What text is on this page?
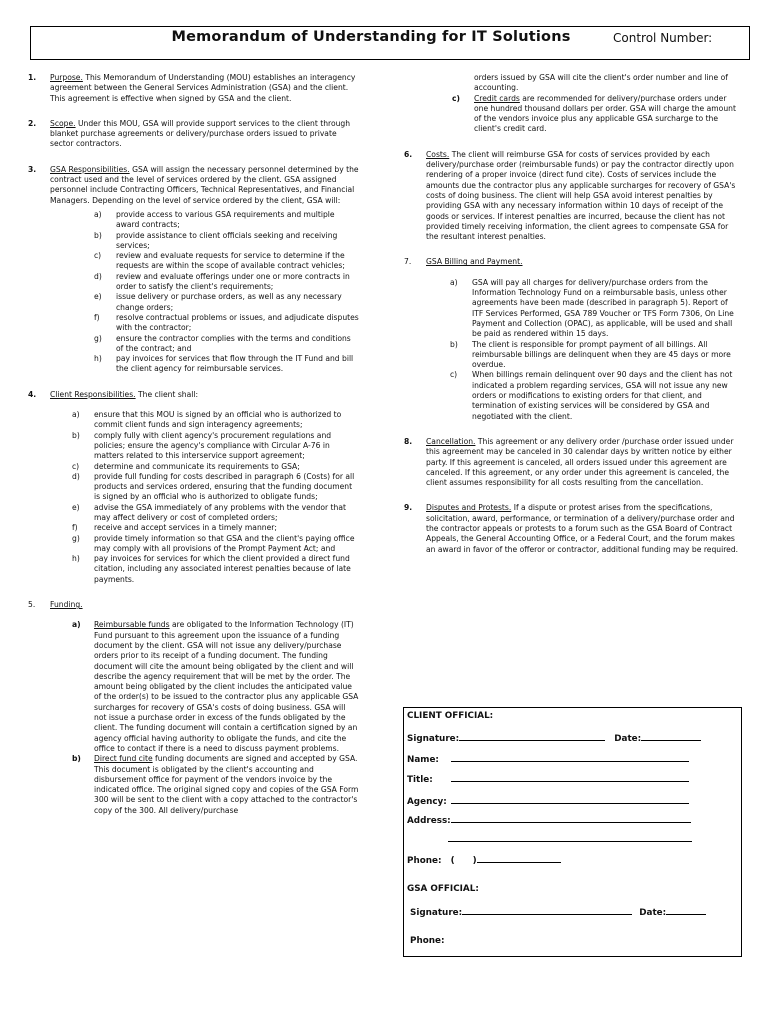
Memorandum of Understanding for IT Solutions	Control Number:
1. Purpose. This Memorandum of Understanding (MOU) establishes an interagency agreement between the General Services Administration (GSA) and the client. This agreement is effective when signed by GSA and the client.
2. Scope. Under this MOU, GSA will provide support services to the client through blanket purchase agreements or delivery/purchase orders issued to private sector contractors.
3. GSA Responsibilities. GSA will assign the necessary personnel determined by the contract used and the level of services ordered by the client. GSA assigned personnel include Contracting Officers, Technical Representatives, and Financial Managers. Depending on the level of service ordered by the client, GSA will:
a) provide access to various GSA requirements and multiple award contracts;
b) provide assistance to client officials seeking and receiving services;
c) review and evaluate requests for service to determine if the requests are within the scope of available contract vehicles;
d) review and evaluate offerings under one or more contracts in order to satisfy the client's requirements;
e) issue delivery or purchase orders, as well as any necessary change orders;
f) resolve contractual problems or issues, and adjudicate disputes with the contractor;
g) ensure the contractor complies with the terms and conditions of the contract; and
h) pay invoices for services that flow through the IT Fund and bill the client agency for reimbursable services.
4. Client Responsibilities. The client shall:
a) ensure that this MOU is signed by an official who is authorized to commit client funds and sign interagency agreements;
b) comply fully with client agency's procurement regulations and policies; ensure the agency's compliance with Circular A-76 in matters related to this interservice support agreement;
c) determine and communicate its requirements to GSA;
d) provide full funding for costs described in paragraph 6 (Costs) for all products and services ordered, ensuring that the funding document is signed by an official who is authorized to obligate funds;
e) advise the GSA immediately of any problems with the vendor that may affect delivery or cost of completed orders;
f) receive and accept services in a timely manner;
g) provide timely information so that GSA and the client's paying office may comply with all provisions of the Prompt Payment Act; and
h) pay invoices for services for which the client provided a direct fund citation, including any associated interest penalties because of late payments.
5. Funding.
a) Reimbursable funds are obligated to the Information Technology (IT) Fund pursuant to this agreement upon the issuance of a funding document by the client. GSA will not issue any delivery/purchase orders prior to its receipt of a funding document. The funding document will cite the amount being obligated by the client and will describe the agency requirement that will be met by the order. The amount being obligated by the client includes the anticipated value of the order(s) to be issued to the contractor plus any applicable GSA surcharges for recovery of GSA's costs of doing business. GSA will not issue a purchase order in excess of the funds obligated by the client. The funding document will contain a certification signed by an agency official having authority to obligate the funds, and cite the office to contact if there is a need to discuss payment problems.
b) Direct fund cite funding documents are signed and accepted by GSA. This document is obligated by the client's accounting and disbursement office for payment of the vendors invoice by the indicated office. The original signed copy and copies of the GSA Form 300 will be sent to the client with a copy attached to the contractor's copy of the 300. All delivery/purchase
orders issued by GSA will cite the client's order number and line of accounting.
c) Credit cards are recommended for delivery/purchase orders under one hundred thousand dollars per order. GSA will charge the amount of the vendors invoice plus any applicable GSA surcharge to the client's credit card.
6. Costs. The client will reimburse GSA for costs of services provided by each delivery/purchase order (reimbursable funds) or pay the contractor directly upon rendering of a proper invoice (direct fund cite). Costs of services include the amounts due the contractor plus any applicable surcharges for recovery of GSA's costs of doing business. The client will help GSA avoid interest penalties by providing GSA with any necessary information within 10 days of receipt of the goods or services. If interest penalties are incurred, because the client has not provided timely receiving information, the client agrees to compensate GSA for the resultant interest penalties.
7. GSA Billing and Payment.
a) GSA will pay all charges for delivery/purchase orders from the Information Technology Fund on a reimbursable basis, unless other agreements have been made (described in paragraph 5). Report of ITF Services Performed, GSA 789 Voucher or TFS Form 7306, On Line Payment and Collection (OPAC), as applicable, will be used and shall be paid as rendered within 15 days.
b) The client is responsible for prompt payment of all billings. All reimbursable billings are delinquent when they are 45 days or more overdue.
c) When billings remain delinquent over 90 days and the client has not indicated a problem regarding services, GSA will not issue any new orders or modifications to existing orders for that client, and termination of existing services will be considered by GSA and negotiated with the client.
8. Cancellation. This agreement or any delivery order /purchase order issued under this agreement may be canceled in 30 calendar days by written notice by either party. If this agreement is canceled, all orders issued under this agreement are canceled. If this agreement, or any order under this agreement is canceled, the client assumes responsibility for all costs resulting from the cancellation.
9. Disputes and Protests. If a dispute or protest arises from the specifications, solicitation, award, performance, or termination of a delivery/purchase order and the contractor appeals or protests to a forum such as the GSA Board of Contract Appeals, the General Accounting Office, or a Federal Court, and the forum makes an award in favor of the offeror or contractor, additional funding may be required.
CLIENT OFFICIAL:
Signature:	Date:
Name:
Title:
Agency:
Address:
Phone: ( )
GSA OFFICIAL:
Signature:	Date:
Phone:
